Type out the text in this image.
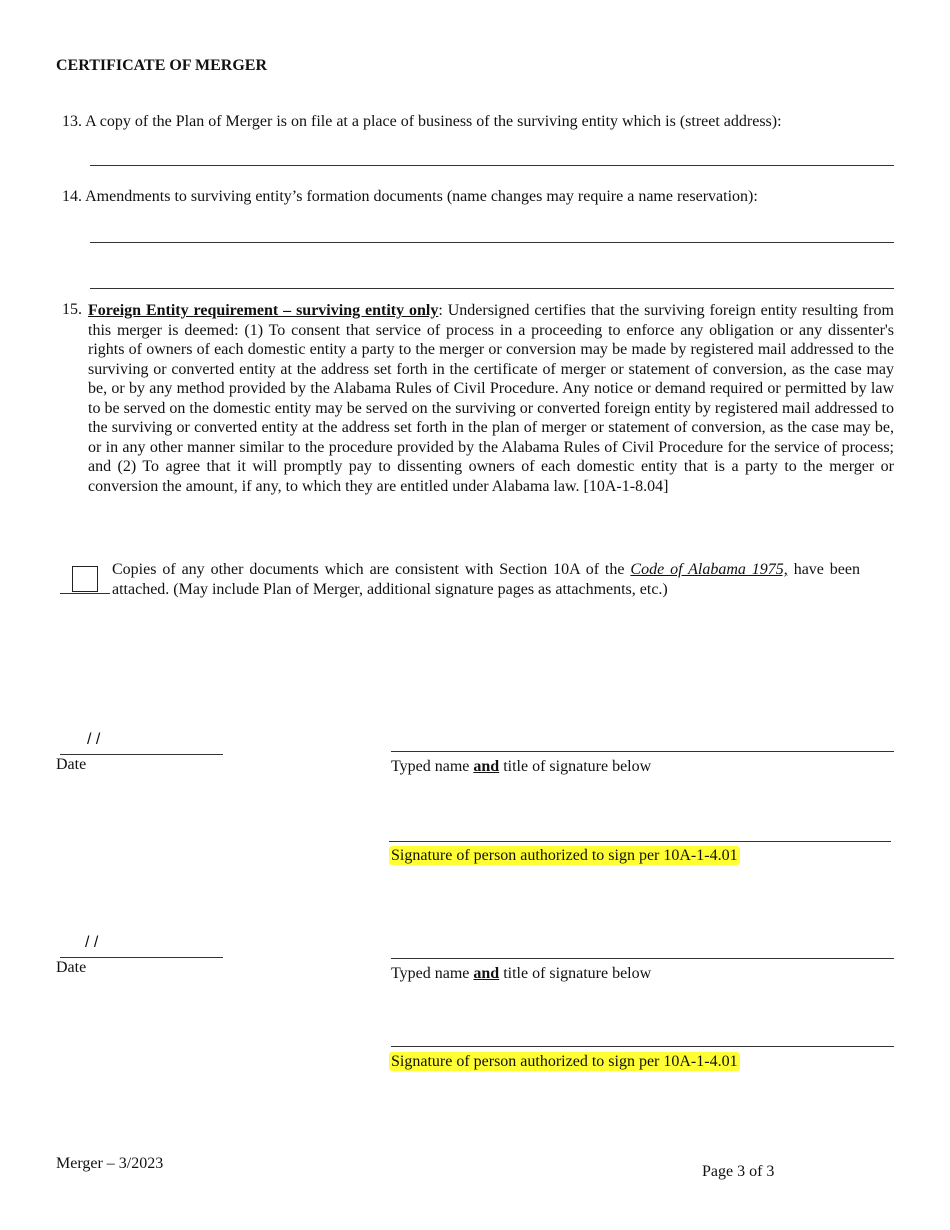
CERTIFICATE OF MERGER
13. A copy of the Plan of Merger is on file at a place of business of the surviving entity which is (street address):
14. Amendments to surviving entity’s formation documents (name changes may require a name reservation):
15. Foreign Entity requirement – surviving entity only: Undersigned certifies that the surviving foreign entity resulting from this merger is deemed: (1) To consent that service of process in a proceeding to enforce any obligation or any dissenter's rights of owners of each domestic entity a party to the merger or conversion may be made by registered mail addressed to the surviving or converted entity at the address set forth in the certificate of merger or statement of conversion, as the case may be, or by any method provided by the Alabama Rules of Civil Procedure. Any notice or demand required or permitted by law to be served on the domestic entity may be served on the surviving or converted foreign entity by registered mail addressed to the surviving or converted entity at the address set forth in the plan of merger or statement of conversion, as the case may be, or in any other manner similar to the procedure provided by the Alabama Rules of Civil Procedure for the service of process; and (2) To agree that it will promptly pay to dissenting owners of each domestic entity that is a party to the merger or conversion the amount, if any, to which they are entitled under Alabama law. [10A-1-8.04]
Copies of any other documents which are consistent with Section 10A of the Code of Alabama 1975, have been attached. (May include Plan of Merger, additional signature pages as attachments, etc.)
/ /
Date	Typed name and title of signature below
Signature of person authorized to sign per 10A-1-4.01
/ /
Date	Typed name and title of signature below
Signature of person authorized to sign per 10A-1-4.01
Merger – 3/2023	Page 3 of 3
